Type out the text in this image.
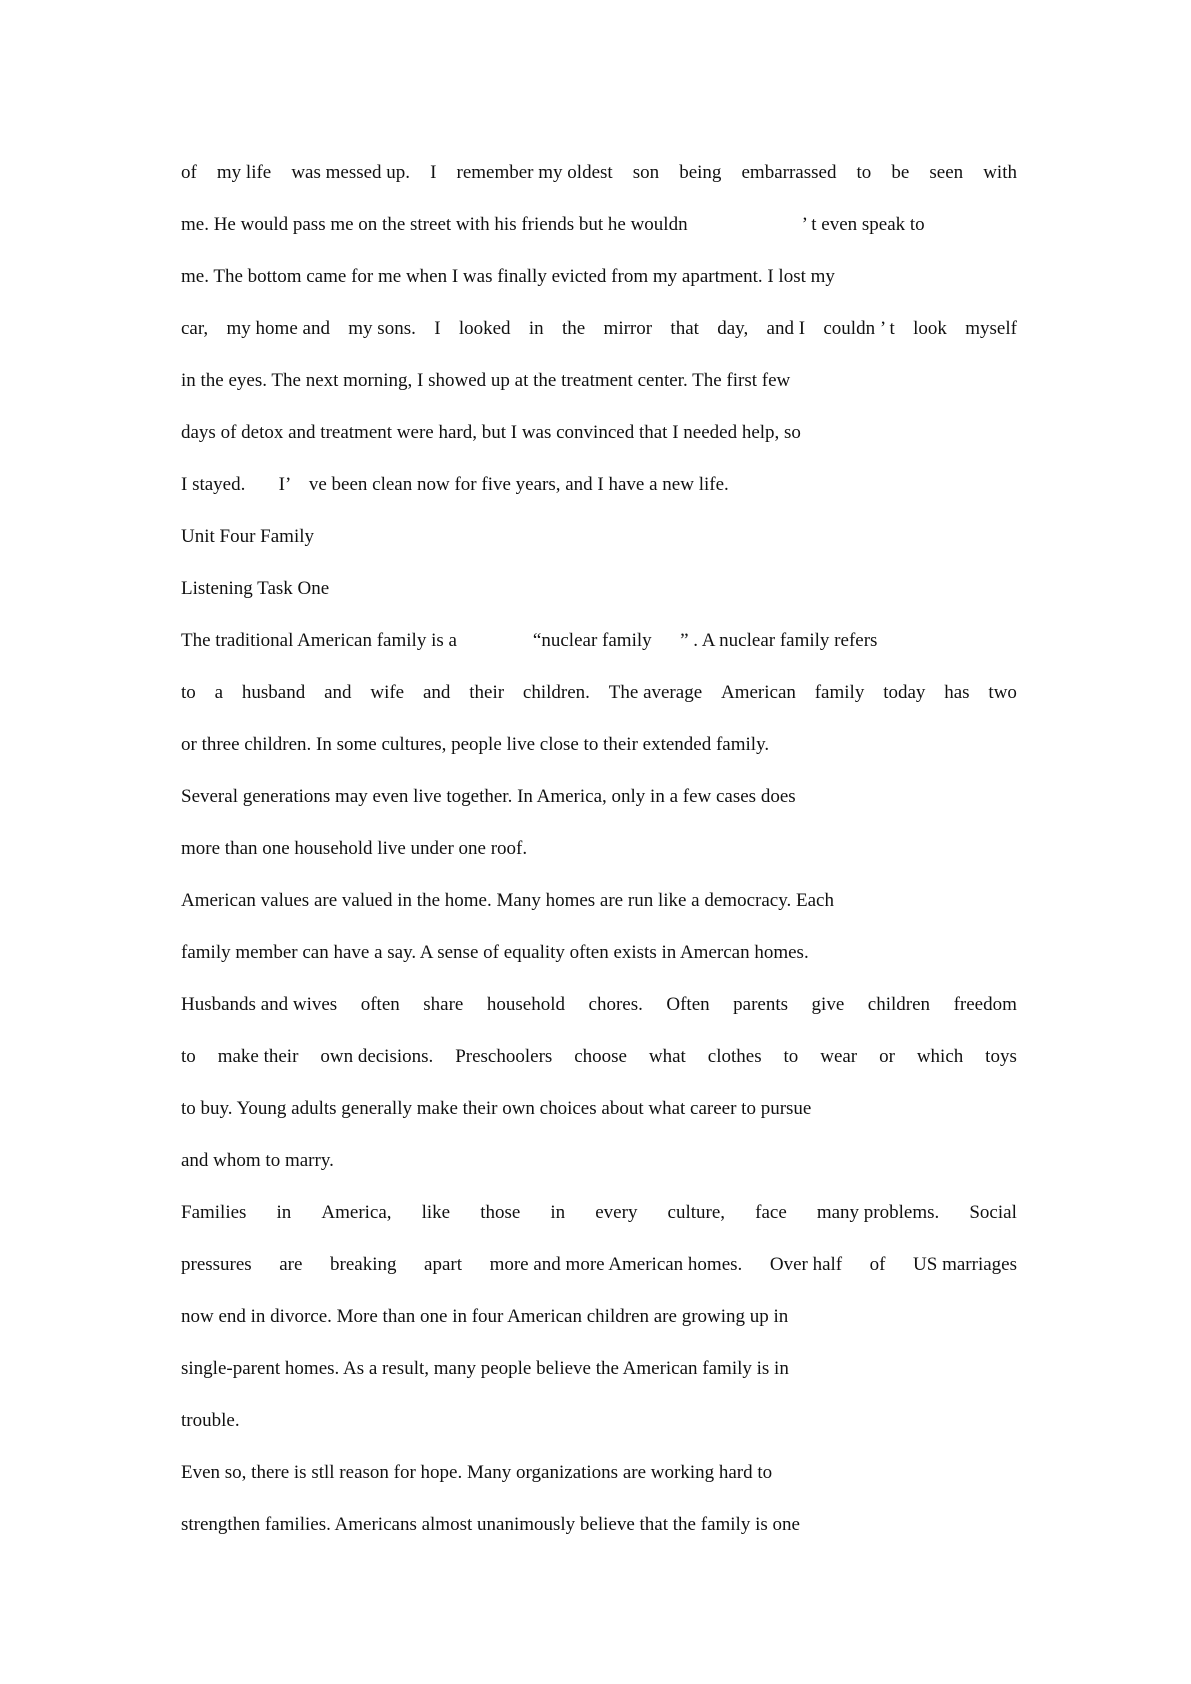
of my life was messed up. I remember my oldest son being embarrassed to be seen with

me. He would pass me on the street with his friends but he wouldn                        ’ t even speak to

me. The bottom came for me when I was finally evicted from my apartment. I lost my

car, my home and my sons. I looked in the mirror that day, and I couldn ’ t look myself

in the eyes. The next morning, I showed up at the treatment center. The first few

days of detox and treatment were hard, but I was convinced that I needed help, so

I stayed.       I’    ve been clean now for five years, and I have a new life.

Unit Four Family

Listening Task One

The traditional American family is a                “nuclear family      ” . A nuclear family refers

to a husband and wife and their children. The average American family today has two

or three children. In some cultures, people live close to their extended family.

Several generations may even live together. In America, only in a few cases does

more than one household live under one roof.

American values are valued in the home. Many homes are run like a democracy. Each

family member can have a say. A sense of equality often exists in Amercan homes.

Husbands and wives often share household chores. Often parents give children freedom

to make their own decisions. Preschoolers choose what clothes to wear or which toys

to buy. Young adults generally make their own choices about what career to pursue

and whom to marry.

Families in America, like those in every culture, face many problems. Social

pressures are breaking apart more and more American homes. Over half of US marriages

now end in divorce. More than one in four American children are growing up in

single-parent homes. As a result, many people believe the American family is in

trouble.

Even so, there is stll reason for hope. Many organizations are working hard to

strengthen families. Americans almost unanimously believe that the family is one
